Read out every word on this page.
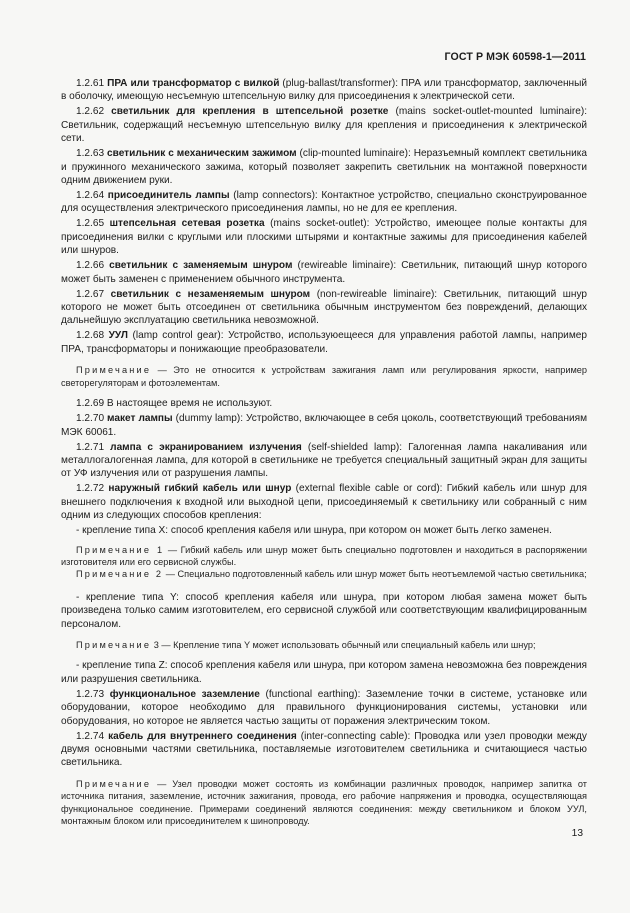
ГОСТ Р МЭК 60598-1—2011

1.2.61 ПРА или трансформатор с вилкой (plug-ballast/transformer): ПРА или трансформатор, заключенный в оболочку, имеющую несъемную штепсельную вилку для присоединения к электрической сети.

1.2.62 светильник для крепления в штепсельной розетке (mains socket-outlet-mounted luminaire): Светильник, содержащий несъемную штепсельную вилку для крепления и присоединения к электрической сети.

1.2.63 светильник с механическим зажимом (clip-mounted luminaire): Неразъемный комплект светильника и пружинного механического зажима, который позволяет закрепить светильник на монтажной поверхности одним движением руки.

1.2.64 присоединитель лампы (lamp connectors): Контактное устройство, специально сконструированное для осуществления электрического присоединения лампы, но не для ее крепления.

1.2.65 штепсельная сетевая розетка (mains socket-outlet): Устройство, имеющее полые контакты для присоединения вилки с круглыми или плоскими штырями и контактные зажимы для присоединения кабелей или шнуров.

1.2.66 светильник с заменяемым шнуром (rewireable liminaire): Светильник, питающий шнур которого может быть заменен с применением обычного инструмента.

1.2.67 светильник с незаменяемым шнуром (non-rewireable liminaire): Светильник, питающий шнур которого не может быть отсоединен от светильника обычным инструментом без повреждений, делающих дальнейшую эксплуатацию светильника невозможной.

1.2.68 УУЛ (lamp control gear): Устройство, используюещееся для управления работой лампы, например ПРА, трансформаторы и понижающие преобразователи.

Примечание — Это не относится к устройствам зажигания ламп или регулирования яркости, например светорегуляторам и фотоэлементам.

1.2.69 В настоящее время не используют.

1.2.70 макет лампы (dummy lamp): Устройство, включающее в себя цоколь, соответствующий требованиям МЭК 60061.

1.2.71 лампа с экранированием излучения (self-shielded lamp): Галогенная лампа накаливания или металлогалогенная лампа, для которой в светильнике не требуется специальный защитный экран для защиты от УФ излучения или от разрушения лампы.

1.2.72 наружный гибкий кабель или шнур (external flexible cable or cord): Гибкий кабель или шнур для внешнего подключения к входной или выходной цепи, присоединяемый к светильнику или собранный с ним одним из следующих способов крепления:

- крепление типа X: способ крепления кабеля или шнура, при котором он может быть легко заменен.

Примечание 1 — Гибкий кабель или шнур может быть специально подготовлен и находиться в распоряжении изготовителя или его сервисной службы.

Примечание 2 — Специально подготовленный кабель или шнур может быть неотъемлемой частью светильника;

- крепление типа Y: способ крепления кабеля или шнура, при котором любая замена может быть произведена только самим изготовителем, его сервисной службой или соответствующим квалифицированным персоналом.

Примечание 3 — Крепление типа Y может использовать обычный или специальный кабель или шнур;

- крепление типа Z: способ крепления кабеля или шнура, при котором замена невозможна без повреждения или разрушения светильника.

1.2.73 функциональное заземление (functional earthing): Заземление точки в системе, установке или оборудовании, которое необходимо для правильного функционирования системы, установки или оборудования, но которое не является частью защиты от поражения электрическим током.

1.2.74 кабель для внутреннего соединения (inter-connecting cable): Проводка или узел проводки между двумя основными частями светильника, поставляемые изготовителем светильника и считающиеся частью светильника.

Примечание — Узел проводки может состоять из комбинации различных проводок, например запитка от источника питания, заземление, источник зажигания, провода, его рабочие напряжения и проводка, осуществляющая функциональное соединение. Примерами соединений являются соединения: между светильником и блоком УУЛ, монтажным блоком или присоединителем к шинопроводу.

13
